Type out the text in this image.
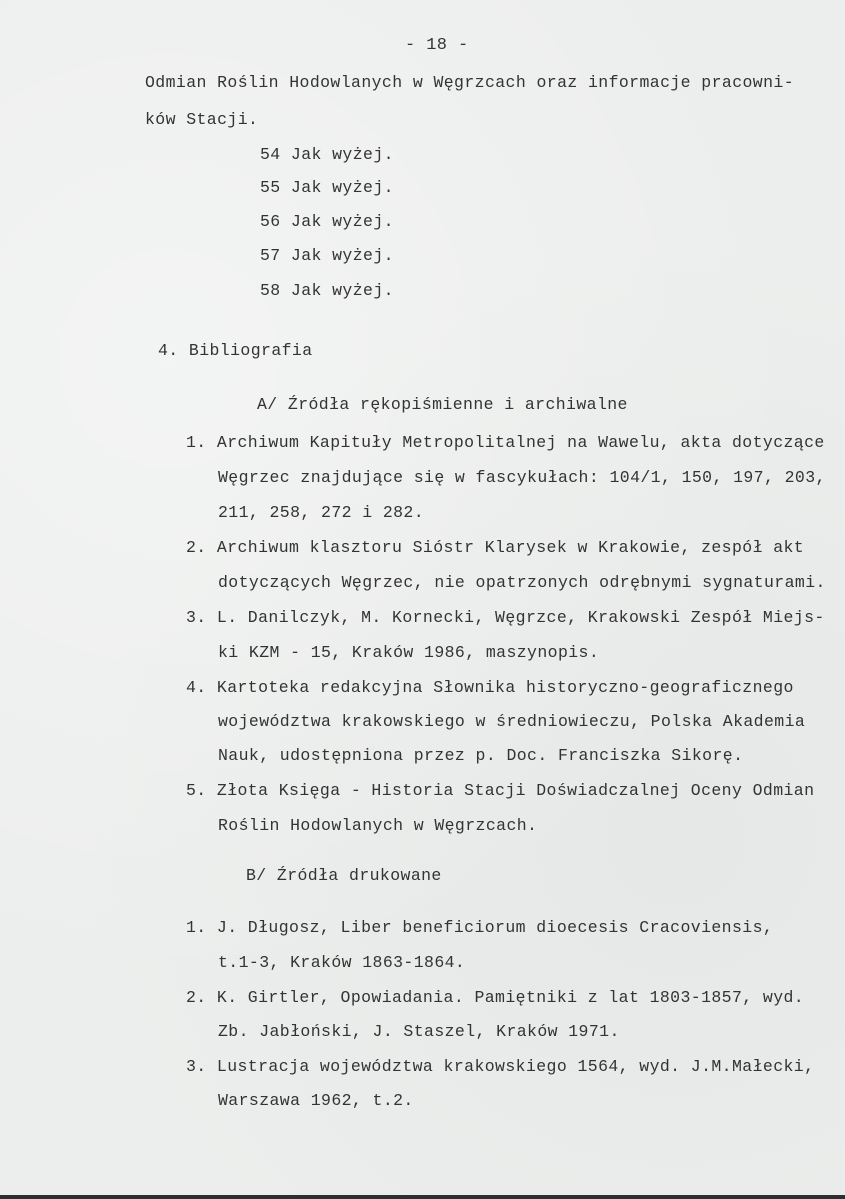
- 18 -
Odmian Roślin Hodowlanych w Węgrzcach oraz informacje pracowni-
ków Stacji.
54 Jak wyżej.
55 Jak wyżej.
56 Jak wyżej.
57 Jak wyżej.
58 Jak wyżej.
4. Bibliografia
A/ Źródła rękopiśmienne i archiwalne
1. Archiwum Kapituły Metropolitalnej na Wawelu, akta dotyczące
Węgrzec znajdujące się w fascykułach: 104/1, 150, 197, 203,
211, 258, 272 i 282.
2. Archiwum klasztoru Sióstr Klarysek w Krakowie, zespół akt
dotyczących Węgrzec, nie opatrzonych odrębnymi sygnaturami.
3. L. Danilczyk, M. Kornecki, Węgrzce, Krakowski Zespół Miejs-
ki KZM - 15, Kraków 1986, maszynopis.
4. Kartoteka redakcyjna Słownika historyczno-geograficznego
województwa krakowskiego w średniowieczu, Polska Akademia
Nauk, udostępniona przez p. Doc. Franciszka Sikorę.
5. Złota Księga - Historia Stacji Doświadczalnej Oceny Odmian
Roślin Hodowlanych w Węgrzcach.
B/ Źródła drukowane
1. J. Długosz, Liber beneficiorum dioecesis Cracoviensis,
t.1-3, Kraków 1863-1864.
2. K. Girtler, Opowiadania. Pamiętniki z lat 1803-1857, wyd.
Zb. Jabłoński, J. Staszel, Kraków 1971.
3. Lustracja województwa krakowskiego 1564, wyd. J.M.Małecki,
Warszawa 1962, t.2.
